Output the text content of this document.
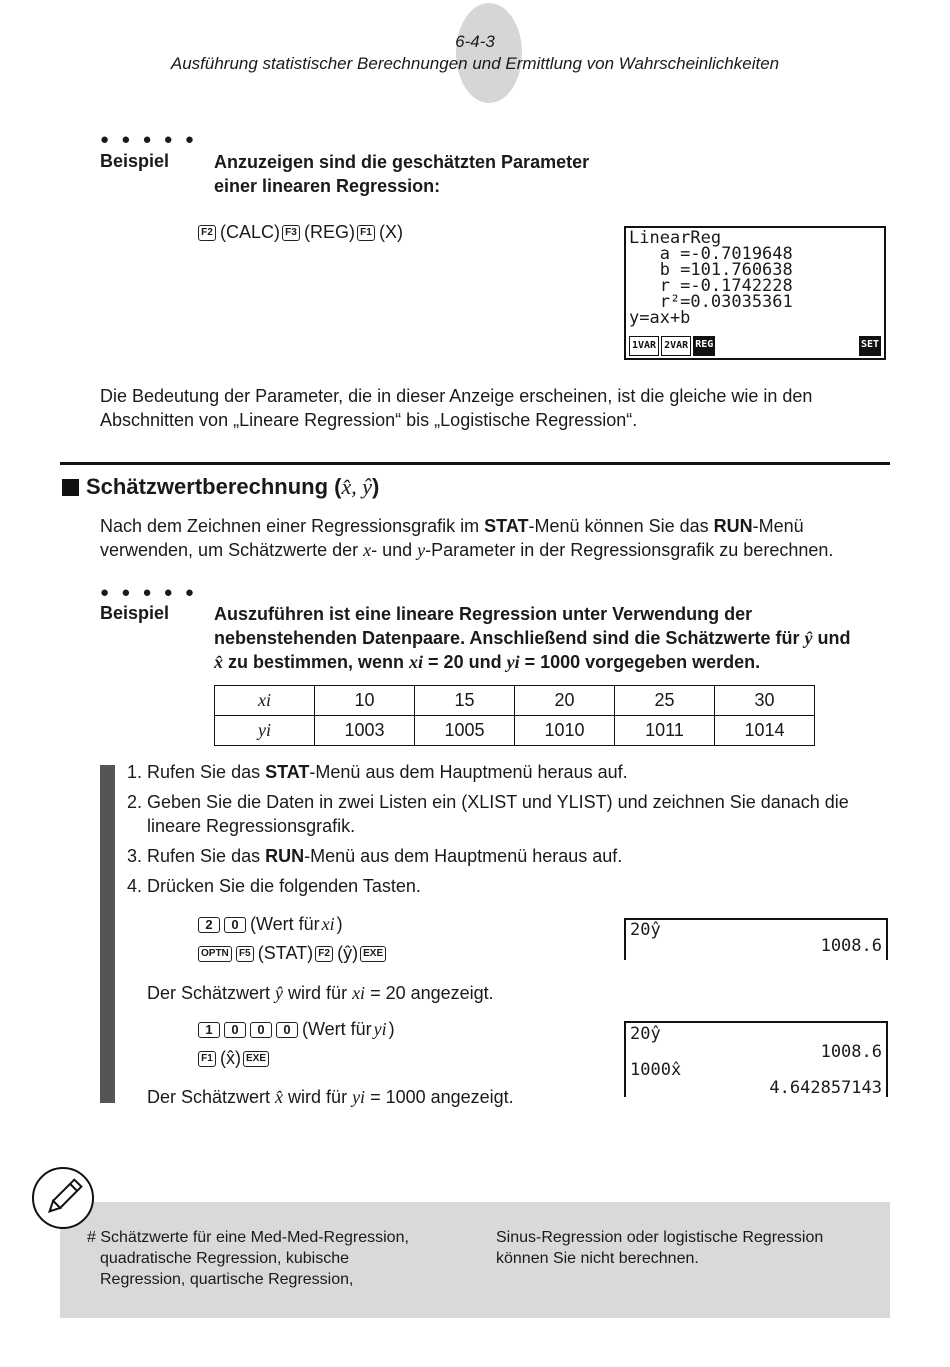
6-4-3
Ausführung statistischer Berechnungen und Ermittlung von Wahrscheinlichkeiten
● ● ● ● ●
Beispiel Anzuzeigen sind die geschätzten Parameter
einer linearen Regression:
F2 (CALC) F3 (REG) F1 (X)	LinearReg
a =-0.7019648
b =101.760638
r =-0.1742228
r²=0.03035361
y=ax+b
1VAR 2VAR REG	SET
Die Bedeutung der Parameter, die in dieser Anzeige erscheinen, ist die gleiche wie in den
Abschnitten von „Lineare Regression“ bis „Logistische Regression“.
Schätzwertberechnung (x̂, ŷ)
Nach dem Zeichnen einer Regressionsgrafik im STAT-Menü können Sie das RUN-Menü
verwenden, um Schätzwerte der x- und y-Parameter in der Regressionsgrafik zu berechnen.
● ● ● ● ●
Beispiel Auszuführen ist eine lineare Regression unter Verwendung der
nebenstehenden Datenpaare. Anschließend sind die Schätzwerte für ŷ und
x̂ zu bestimmen, wenn xi = 20 und yi = 1000 vorgegeben werden.
xi	10	15	20	25	30
yi	1003	1005	1010	1011	1014
1. Rufen Sie das STAT-Menü aus dem Hauptmenü heraus auf.
2. Geben Sie die Daten in zwei Listen ein (XLIST und YLIST) und zeichnen Sie danach die
lineare Regressionsgrafik.
3. Rufen Sie das RUN-Menü aus dem Hauptmenü heraus auf.
4. Drücken Sie die folgenden Tasten.
2	0 (Wert für xi )
OPTN	F5 (STAT) F2 (ŷ) EXE
20ŷ
1008.6
Der Schätzwert ŷ wird für xi = 20 angezeigt.
1	0	0	0 (Wert für yi )
F1 (x̂) EXE
20ŷ
1008.6
1000x̂
4.642857143
Der Schätzwert x̂ wird für yi = 1000 angezeigt.
# Schätzwerte für eine Med-Med-Regression,
quadratische Regression, kubische
Regression, quartische Regression,
Sinus-Regression oder logistische Regression
können Sie nicht berechnen.
